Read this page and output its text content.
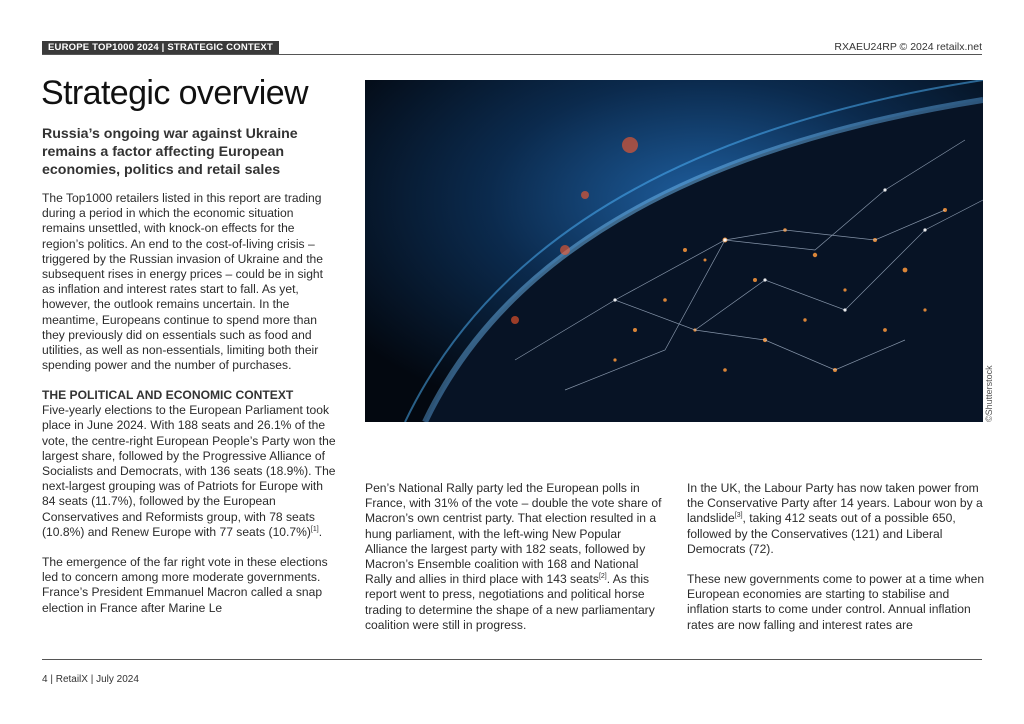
EUROPE TOP1000 2024 | STRATEGIC CONTEXT	RXAEU24RP © 2024 retailx.net
Strategic overview
Russia’s ongoing war against Ukraine remains a factor affecting European economies, politics and retail sales

The Top1000 retailers listed in this report are trading during a period in which the economic situation remains unsettled, with knock-on effects for the region’s politics. An end to the cost-of-living crisis – triggered by the Russian invasion of Ukraine and the subsequent rises in energy prices – could be in sight as inflation and interest rates start to fall. As yet, however, the outlook remains uncertain. In the meantime, Europeans continue to spend more than they previously did on essentials such as food and utilities, as well as non-essentials, limiting both their spending power and the number of purchases.

THE POLITICAL AND ECONOMIC CONTEXT

Five-yearly elections to the European Parliament took place in June 2024. With 188 seats and 26.1% of the vote, the centre-right European People’s Party won the largest share, followed by the Progressive Alliance of Socialists and Democrats, with 136 seats (18.9%). The next-largest grouping was of Patriots for Europe with 84 seats (11.7%), followed by the European Conservatives and Reformists group, with 78 seats (10.8%) and Renew Europe with 77 seats (10.7%)[1].

The emergence of the far right vote in these elections led to concern among more moderate governments. France’s President Emmanuel Macron called a snap election in France after Marine Le

©Shutterstock

Pen’s National Rally party led the European polls in France, with 31% of the vote – double the vote share of Macron’s own centrist party. That election resulted in a hung parliament, with the left-wing New Popular Alliance the largest party with 182 seats, followed by Macron’s Ensemble coalition with 168 and National Rally and allies in third place with 143 seats[2]. As this report went to press, negotiations and political horse trading to determine the shape of a new parliamentary coalition were still in progress.

In the UK, the Labour Party has now taken power from the Conservative Party after 14 years. Labour won by a landslide[3], taking 412 seats out of a possible 650, followed by the Conservatives (121) and Liberal Democrats (72).

These new governments come to power at a time when European economies are starting to stabilise and inflation starts to come under control. Annual inflation rates are now falling and interest rates are

4 | RetailX | July 2024
